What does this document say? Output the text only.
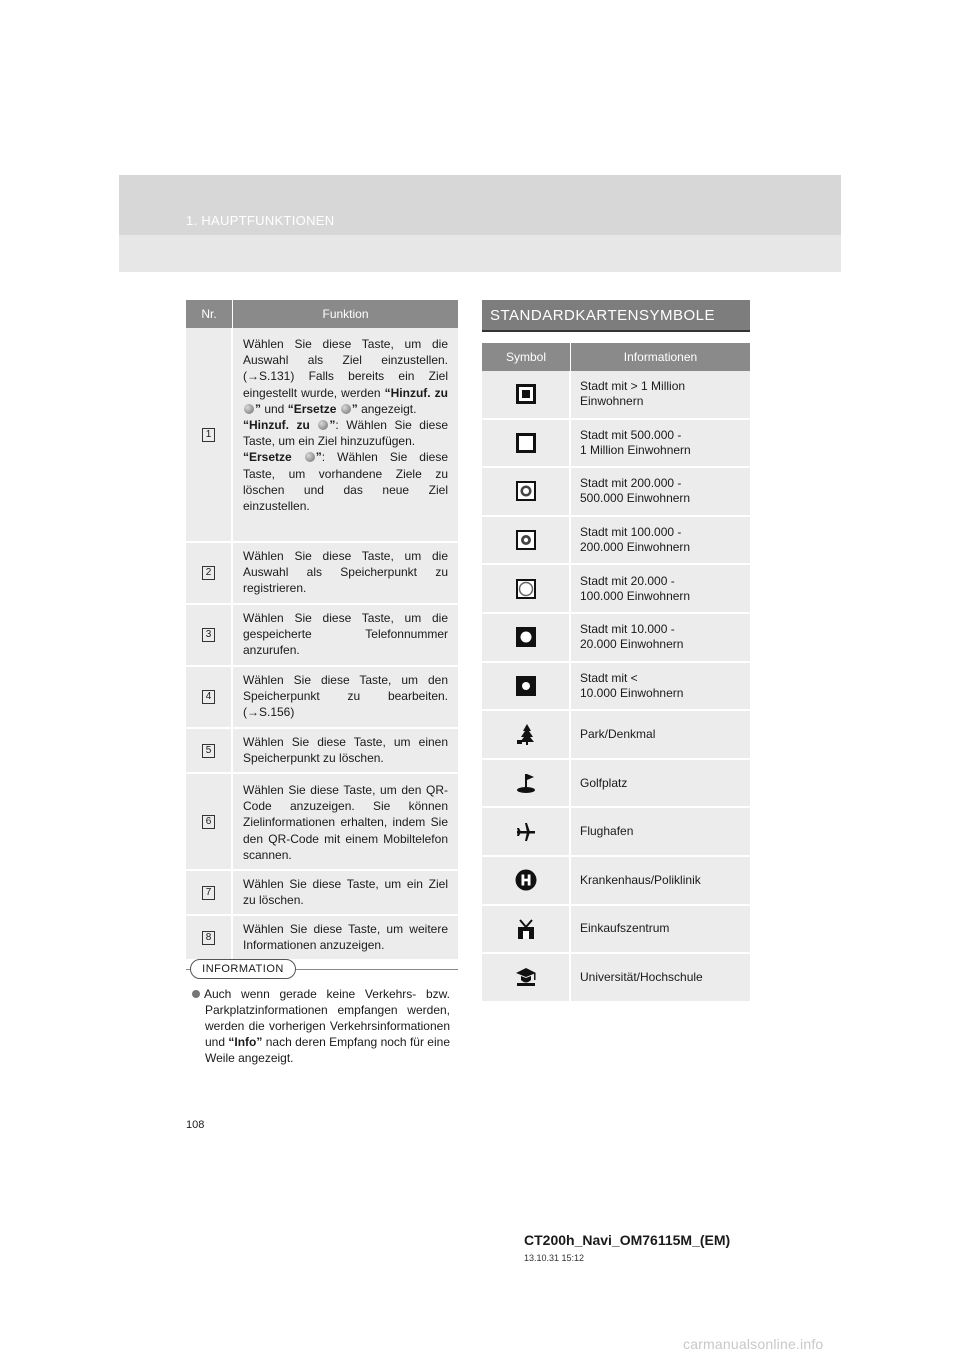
1. HAUPTFUNKTIONEN
Nr.	Funktion
1
Wählen Sie diese Taste, um die Auswahl als Ziel einzustellen. (→S.131) Falls bereits ein Ziel eingestellt wurde, werden “Hinzuf. zu ” und “Ersetze ” angezeigt.
“Hinzuf. zu ”: Wählen Sie diese Taste, um ein Ziel hinzuzufügen.
“Ersetze ”: Wählen Sie diese Taste, um vorhandene Ziele zu löschen und das neue Ziel einzustellen.
2
Wählen Sie diese Taste, um die Auswahl als Speicherpunkt zu registrieren.
3
Wählen Sie diese Taste, um die gespeicherte Telefonnummer anzurufen.
4
Wählen Sie diese Taste, um den Speicherpunkt zu bearbeiten. (→S.156)
5
Wählen Sie diese Taste, um einen Speicherpunkt zu löschen.
6
Wählen Sie diese Taste, um den QR-Code anzuzeigen. Sie können Zielinformationen erhalten, indem Sie den QR-Code mit einem Mobiltelefon scannen.
7
Wählen Sie diese Taste, um ein Ziel zu löschen.
8
Wählen Sie diese Taste, um weitere Informationen anzuzeigen.
INFORMATION

Auch wenn gerade keine Verkehrs- bzw. Parkplatzinformationen empfangen werden, werden die vorherigen Verkehrsinformationen und “Info” nach deren Empfang noch für eine Weile angezeigt.

STANDARDKARTENSYMBOLE
Symbol	Informationen
Stadt mit > 1 Million
Einwohnern
Stadt mit 500.000 -
1 Million Einwohnern
Stadt mit 200.000 -
500.000 Einwohnern
Stadt mit 100.000 -
200.000 Einwohnern
Stadt mit 20.000 -
100.000 Einwohnern
Stadt mit 10.000 -
20.000 Einwohnern
Stadt mit <
10.000 Einwohnern
Park/Denkmal
Golfplatz
Flughafen
Krankenhaus/Poliklinik
Einkaufszentrum
Universität/Hochschule
108
CT200h_Navi_OM76115M_(EM)
13.10.31 15:12
carmanualsonline.info
